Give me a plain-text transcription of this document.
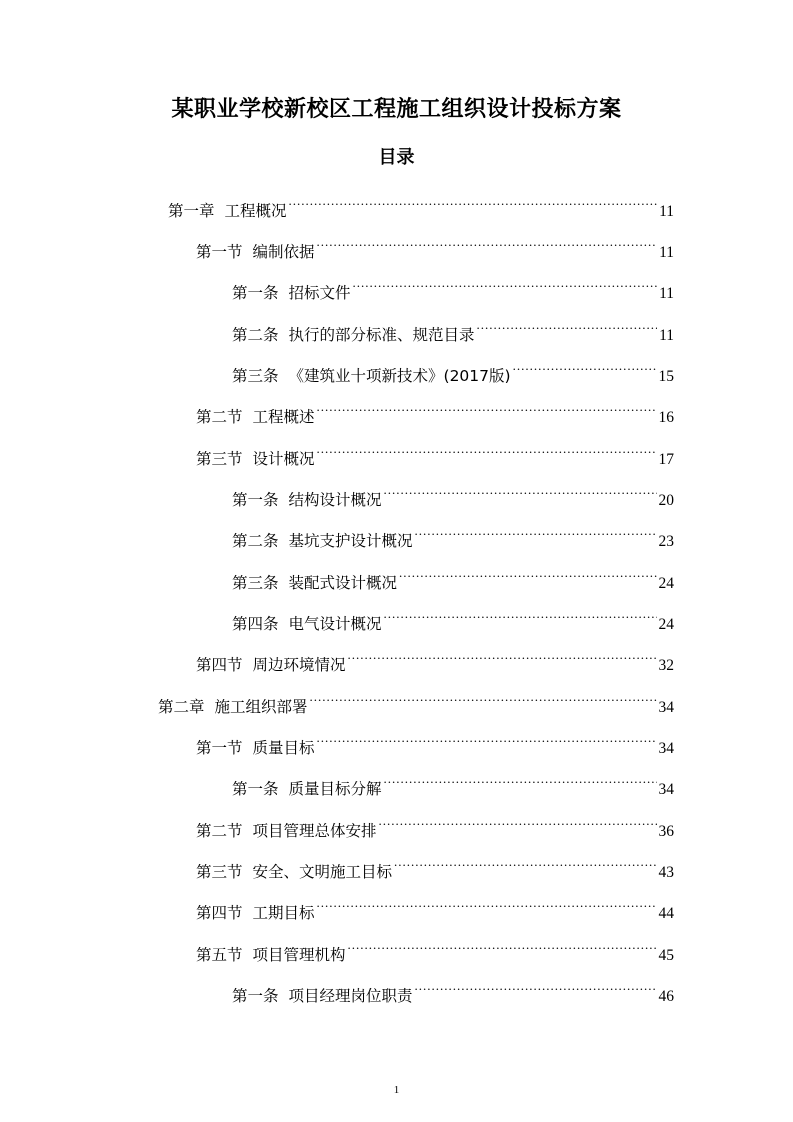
某职业学校新校区工程施工组织设计投标方案
目录
第一章 工程概况 .....	11
第一节 编制依据 .....	11
第一条 招标文件 .....	11
第二条 执行的部分标准、规范目录 .....	11
第三条 《建筑业十项新技术》(2017版) .....	15
第二节 工程概述 .....	16
第三节 设计概况 .....	17
第一条 结构设计概况 .....	20
第二条 基坑支护设计概况 .....	23
第三条 装配式设计概况 .....	24
第四条 电气设计概况 .....	24
第四节 周边环境情况 .....	32
第二章 施工组织部署 .....	34
第一节 质量目标 .....	34
第一条 质量目标分解 .....	34
第二节 项目管理总体安排 .....	36
第三节 安全、文明施工目标 .....	43
第四节 工期目标 .....	44
第五节 项目管理机构 .....	45
第一条 项目经理岗位职责 .....	46
1
